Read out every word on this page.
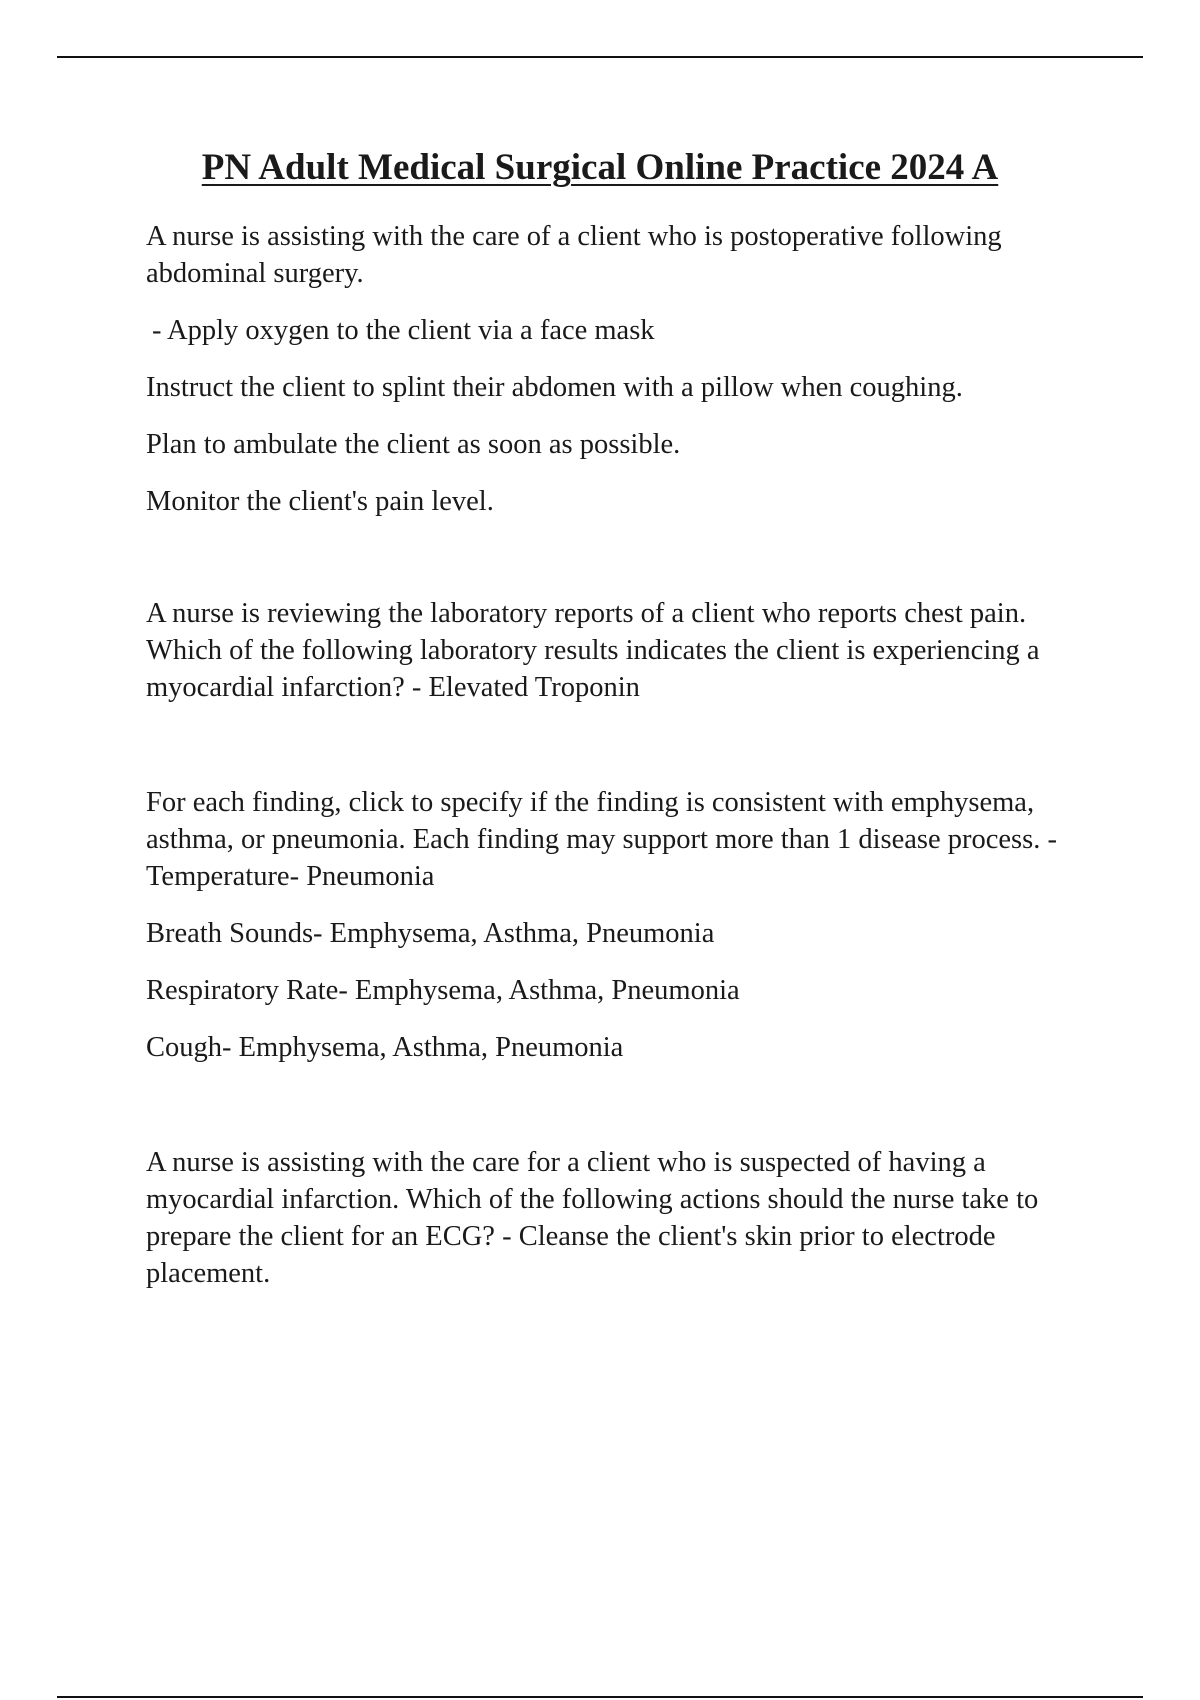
PN Adult Medical Surgical Online Practice 2024 A

A nurse is assisting with the care of a client who is postoperative following abdominal surgery.

- Apply oxygen to the client via a face mask

Instruct the client to splint their abdomen with a pillow when coughing.

Plan to ambulate the client as soon as possible.

Monitor the client's pain level.

A nurse is reviewing the laboratory reports of a client who reports chest pain. Which of the following laboratory results indicates the client is experiencing a myocardial infarction? - Elevated Troponin

For each finding, click to specify if the finding is consistent with emphysema, asthma, or pneumonia. Each finding may support more than 1 disease process. - Temperature- Pneumonia

Breath Sounds- Emphysema, Asthma, Pneumonia

Respiratory Rate- Emphysema, Asthma, Pneumonia

Cough- Emphysema, Asthma, Pneumonia

A nurse is assisting with the care for a client who is suspected of having a myocardial infarction. Which of the following actions should the nurse take to prepare the client for an ECG? - Cleanse the client's skin prior to electrode placement.
